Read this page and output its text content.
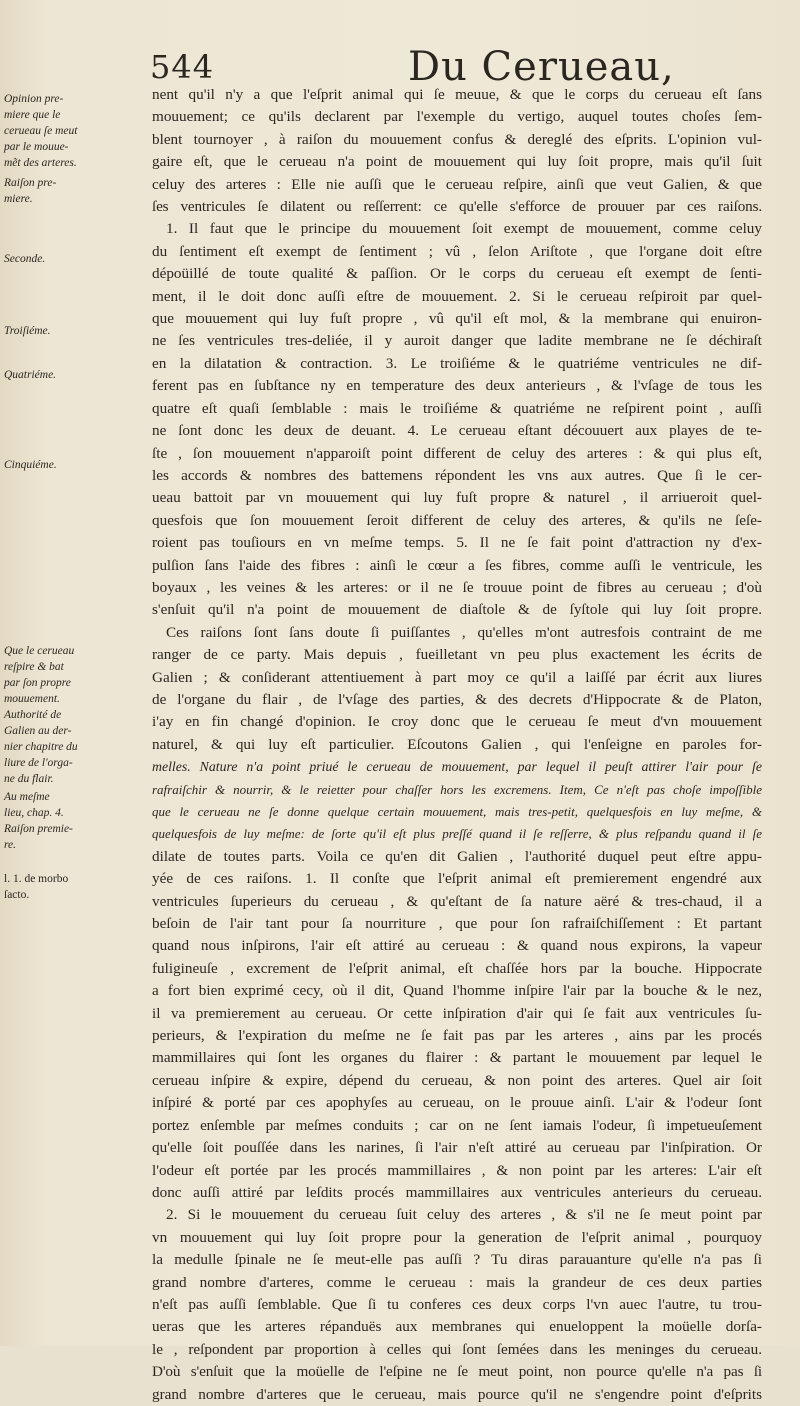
544	Du Cerueau,
Opinion pre-
miere que le
cerueau ſe meut
par le mouue-
mẽt des arteres.
Raiſon pre-
miere.
Seconde.
Troiſiéme.
Quatriéme.
Cinquiéme.
Que le cerueau
reſpire & bat
par ſon propre
mouuement.
Authorité de
Galien au der-
nier chapitre du
liure de l'orga-
ne du flair.
Au meſme
lieu, chap. 4.
Raiſon premie-
re.
l. 1. de morbo
ſacto.
nent qu'il n'y a que l'eſprit animal qui ſe meuue, & que le corps du cerueau eſt ſans
mouuement; ce qu'ils declarent par l'exemple du vertigo, auquel toutes choſes ſem-
blent tournoyer , à raiſon du mouuement confus & dereglé des eſprits. L'opinion vul-
gaire eſt, que le cerueau n'a point de mouuement qui luy ſoit propre, mais qu'il ſuit
celuy des arteres : Elle nie auſſi que le cerueau reſpire, ainſi que veut Galien, & que
ſes ventricules ſe dilatent ou reſſerrent: ce qu'elle s'efforce de prouuer par ces raiſons.
1. Il faut que le principe du mouuement ſoit exempt de mouuement, comme celuy
du ſentiment eſt exempt de ſentiment ; vû , ſelon Ariſtote , que l'organe doit eſtre
dépoüillé de toute qualité & paſſion. Or le corps du cerueau eſt exempt de ſenti-
ment, il le doit donc auſſi eſtre de mouuement. 2. Si le cerueau reſpiroit par quel-
que mouuement qui luy fuſt propre , vû qu'il eſt mol, & la membrane qui enuiron-
ne ſes ventricules tres-deliée, il y auroit danger que ladite membrane ne ſe déchiraſt
en la dilatation & contraction. 3. Le troiſiéme & le quatriéme ventricules ne dif-
ferent pas en ſubſtance ny en temperature des deux anterieurs , & l'vſage de tous les
quatre eſt quaſi ſemblable : mais le troiſiéme & quatriéme ne reſpirent point , auſſi
ne ſont donc les deux de deuant. 4. Le cerueau eſtant découuert aux playes de te-
ſte , ſon mouuement n'apparoiſt point different de celuy des arteres : & qui plus eſt,
les accords & nombres des battemens répondent les vns aux autres. Que ſi le cer-
ueau battoit par vn mouuement qui luy fuſt propre & naturel , il arriueroit quel-
quesfois que ſon mouuement ſeroit different de celuy des arteres, & qu'ils ne ſeſe-
roient pas touſiours en vn meſme temps. 5. Il ne ſe fait point d'attraction ny d'ex-
pulſion ſans l'aide des fibres : ainſi le cœur a ſes fibres, comme auſſi le ventricule, les
boyaux , les veines & les arteres: or il ne ſe trouue point de fibres au cerueau ; d'où
s'enſuit qu'il n'a point de mouuement de diaſtole & de ſyſtole qui luy ſoit propre.
Ces raiſons ſont ſans doute ſi puiſſantes , qu'elles m'ont autresfois contraint de me
ranger de ce party. Mais depuis , fueilletant vn peu plus exactement les écrits de
Galien ; & conſiderant attentiuement à part moy ce qu'il a laiſſé par écrit aux liures
de l'organe du flair , de l'vſage des parties, & des decrets d'Hippocrate & de Platon,
i'ay en fin changé d'opinion. Ie croy donc que le cerueau ſe meut d'vn mouuement
naturel, & qui luy eſt particulier. Eſcoutons Galien , qui l'enſeigne en paroles for-
melles. Nature n'a point priué le cerueau de mouuement, par lequel il peuſt attirer l'air pour ſe
rafraiſchir & nourrir, & le reietter pour chaſſer hors les excremens. Item, Ce n'eſt pas choſe impoſſible
que le cerueau ne ſe donne quelque certain mouuement, mais tres-petit, quelquesfois en luy meſme, &
quelquesfois de luy meſme: de ſorte qu'il eſt plus preſſé quand il ſe reſſerre, & plus reſpandu quand il ſe
dilate de toutes parts. Voila ce qu'en dit Galien , l'authorité duquel peut eſtre appu-
yée de ces raiſons. 1. Il conſte que l'eſprit animal eſt premierement engendré aux
ventricules ſuperieurs du cerueau , & qu'eſtant de ſa nature aëré & tres-chaud, il a
beſoin de l'air tant pour ſa nourriture , que pour ſon rafraiſchiſſement : Et partant
quand nous inſpirons, l'air eſt attiré au cerueau : & quand nous expirons, la vapeur
fuligineuſe , excrement de l'eſprit animal, eſt chaſſée hors par la bouche. Hippocrate
a fort bien exprimé cecy, où il dit, Quand l'homme inſpire l'air par la bouche & le nez,
il va premierement au cerueau. Or cette inſpiration d'air qui ſe fait aux ventricules ſu-
perieurs, & l'expiration du meſme ne ſe fait pas par les arteres , ains par les procés
mammillaires qui ſont les organes du flairer : & partant le mouuement par lequel le
cerueau inſpire & expire, dépend du cerueau, & non point des arteres. Quel air ſoit
inſpiré & porté par ces apophyſes au cerueau, on le prouue ainſi. L'air & l'odeur ſont
portez enſemble par meſmes conduits ; car on ne ſent iamais l'odeur, ſi impetueuſement
qu'elle ſoit pouſſée dans les narines, ſi l'air n'eſt attiré au cerueau par l'inſpiration. Or
l'odeur eſt portée par les procés mammillaires , & non point par les arteres: L'air eſt
donc auſſi attiré par leſdits procés mammillaires aux ventricules anterieurs du cerueau.
2. Si le mouuement du cerueau ſuit celuy des arteres , & s'il ne ſe meut point par
vn mouuement qui luy ſoit propre pour la generation de l'eſprit animal , pourquoy
la medulle ſpinale ne ſe meut-elle pas auſſi ? Tu diras parauanture qu'elle n'a pas ſi
grand nombre d'arteres, comme le cerueau : mais la grandeur de ces deux parties
n'eſt pas auſſi ſemblable. Que ſi tu conferes ces deux corps l'vn auec l'autre, tu trou-
ueras que les arteres répanduës aux membranes qui enueloppent la moüelle dorſa-
le , reſpondent par proportion à celles qui ſont ſemées dans les meninges du cerueau.
D'où s'enſuit que la moüelle de l'eſpine ne ſe meut point, non pource qu'elle n'a pas ſi
grand nombre d'arteres que le cerueau, mais pource qu'il ne s'engendre point d'eſprits
